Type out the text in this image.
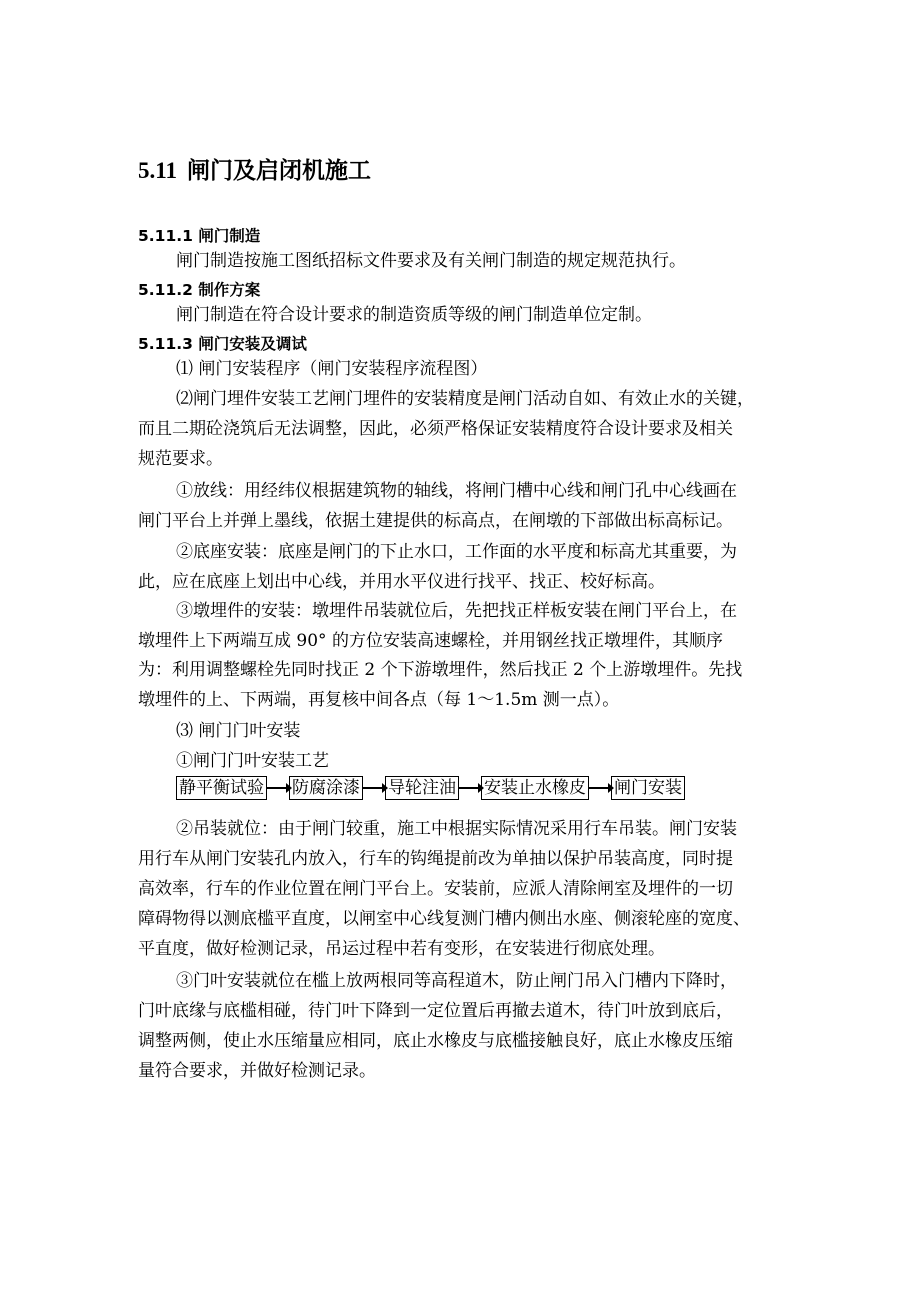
5.11 闸门及启闭机施工
5.11.1 闸门制造
闸门制造按施工图纸招标文件要求及有关闸门制造的规定规范执行。
5.11.2 制作方案
闸门制造在符合设计要求的制造资质等级的闸门制造单位定制。
5.11.3 闸门安装及调试
⑴ 闸门安装程序（闸门安装程序流程图）
⑵闸门埋件安装工艺闸门埋件的安装精度是闸门活动自如、有效止水的关键，
而且二期砼浇筑后无法调整，因此，必须严格保证安装精度符合设计要求及相关
规范要求。
①放线：用经纬仪根据建筑物的轴线，将闸门槽中心线和闸门孔中心线画在
闸门平台上并弹上墨线，依据土建提供的标高点，在闸墩的下部做出标高标记。
②底座安装：底座是闸门的下止水口，工作面的水平度和标高尤其重要，为
此，应在底座上划出中心线，并用水平仪进行找平、找正、校好标高。
③墩埋件的安装：墩埋件吊装就位后，先把找正样板安装在闸门平台上，在
墩埋件上下两端互成 90° 的方位安装高速螺栓，并用钢丝找正墩埋件，其顺序
为：利用调整螺栓先同时找正 2 个下游墩埋件，然后找正 2 个上游墩埋件。先找
墩埋件的上、下两端，再复核中间各点（每 1～1.5m 测一点）。
⑶ 闸门门叶安装
①闸门门叶安装工艺
静平衡试验 防腐涂漆 导轮注油 安装止水橡皮 闸门安装
②吊装就位：由于闸门较重，施工中根据实际情况采用行车吊装。闸门安装
用行车从闸门安装孔内放入，行车的钩绳提前改为单抽以保护吊装高度，同时提
高效率，行车的作业位置在闸门平台上。安装前，应派人清除闸室及埋件的一切
障碍物得以测底槛平直度，以闸室中心线复测门槽内侧出水座、侧滚轮座的宽度、
平直度，做好检测记录，吊运过程中若有变形，在安装进行彻底处理。
③门叶安装就位在槛上放两根同等高程道木，防止闸门吊入门槽内下降时，
门叶底缘与底槛相碰，待门叶下降到一定位置后再撤去道木，待门叶放到底后，
调整两侧，使止水压缩量应相同，底止水橡皮与底槛接触良好，底止水橡皮压缩
量符合要求，并做好检测记录。
